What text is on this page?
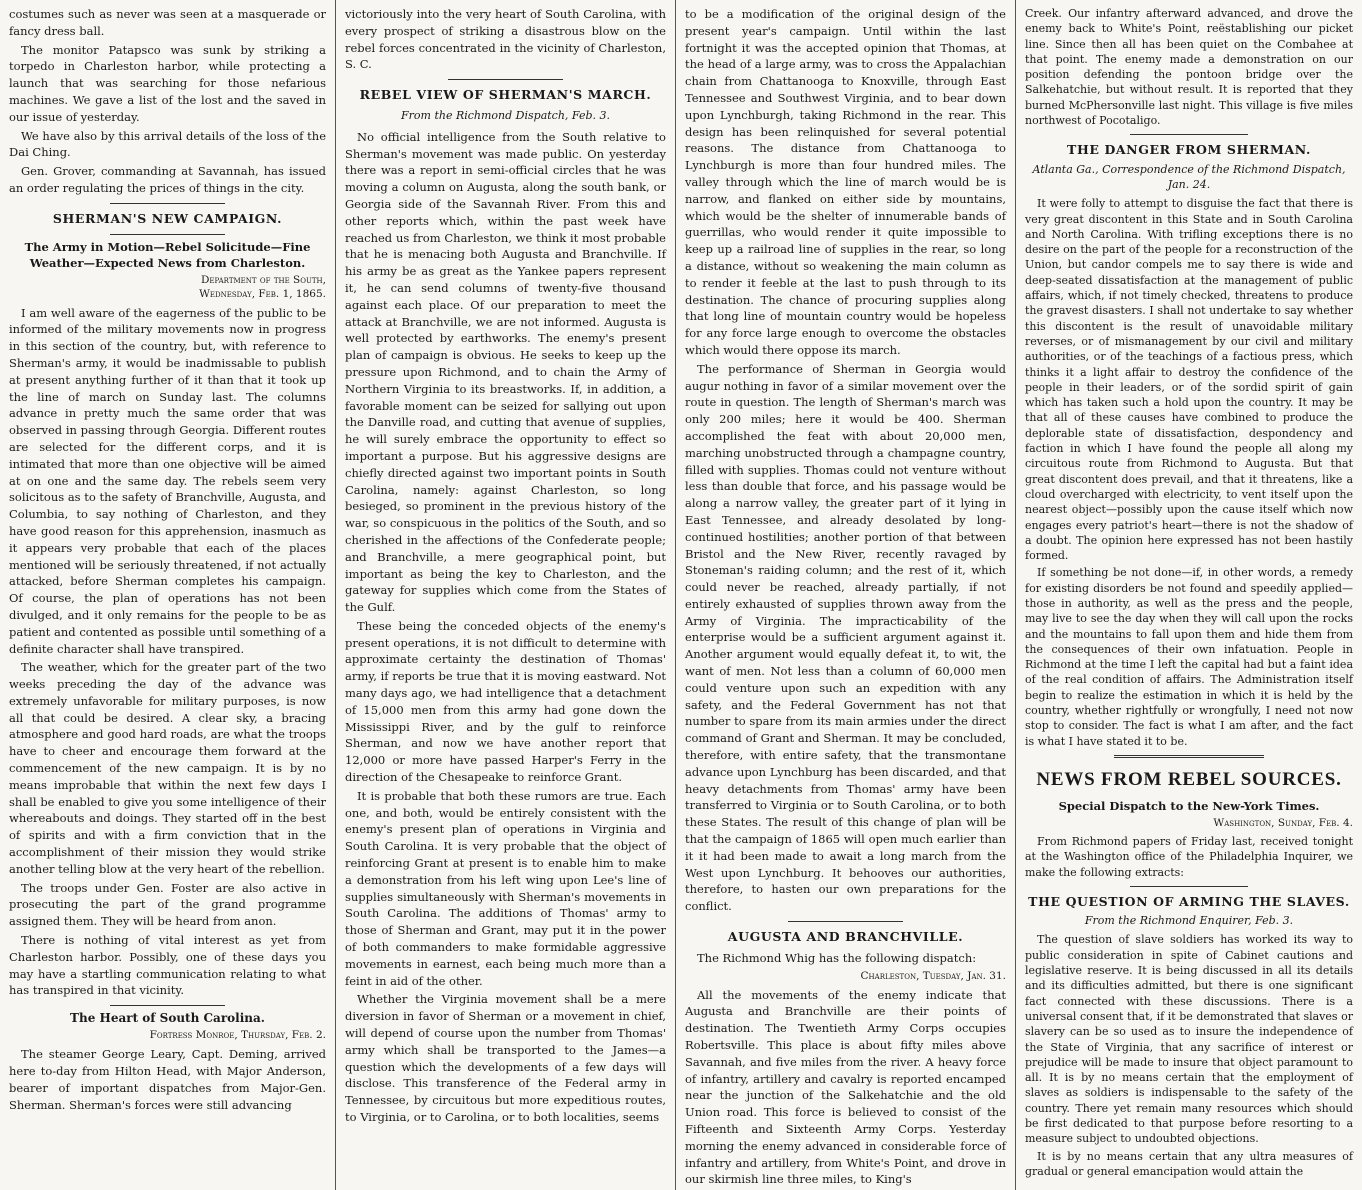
costumes such as never was seen at a masquerade or fancy dress ball.

The monitor Patapsco was sunk by striking a torpedo in Charleston harbor, while protecting a launch that was searching for those nefarious machines. We gave a list of the lost and the saved in our issue of yesterday.

We have also by this arrival details of the loss of the Dai Ching.

Gen. Grover, commanding at Savannah, has issued an order regulating the prices of things in the city.

SHERMAN'S NEW CAMPAIGN.
The Army in Motion—Rebel Solicitude—Fine Weather—Expected News from Charleston.
Department of the South,
Wednesday, Feb. 1, 1865.

I am well aware of the eagerness of the public to be informed of the military movements now in progress in this section of the country, but, with reference to Sherman's army, it would be inadmissable to publish at present anything further of it than that it took up the line of march on Sunday last. The columns advance in pretty much the same order that was observed in passing through Georgia. Different routes are selected for the different corps, and it is intimated that more than one objective will be aimed at on one and the same day. The rebels seem very solicitous as to the safety of Branchville, Augusta, and Columbia, to say nothing of Charleston, and they have good reason for this apprehension, inasmuch as it appears very probable that each of the places mentioned will be seriously threatened, if not actually attacked, before Sherman completes his campaign. Of course, the plan of operations has not been divulged, and it only remains for the people to be as patient and contented as possible until something of a definite character shall have transpired.

The weather, which for the greater part of the two weeks preceding the day of the advance was extremely unfavorable for military purposes, is now all that could be desired. A clear sky, a bracing atmosphere and good hard roads, are what the troops have to cheer and encourage them forward at the commencement of the new campaign. It is by no means improbable that within the next few days I shall be enabled to give you some intelligence of their whereabouts and doings. They started off in the best of spirits and with a firm conviction that in the accomplishment of their mission they would strike another telling blow at the very heart of the rebellion.

The troops under Gen. Foster are also active in prosecuting the part of the grand programme assigned them. They will be heard from anon.

There is nothing of vital interest as yet from Charleston harbor. Possibly, one of these days you may have a startling communication relating to what has transpired in that vicinity.

The Heart of South Carolina.
Fortress Monroe, Thursday, Feb. 2.

The steamer George Leary, Capt. Deming, arrived here to-day from Hilton Head, with Major Anderson, bearer of important dispatches from Major-Gen. Sherman. Sherman's forces were still advancing

victoriously into the very heart of South Carolina, with every prospect of striking a disastrous blow on the rebel forces concentrated in the vicinity of Charleston, S. C.

REBEL VIEW OF SHERMAN'S MARCH.
From the Richmond Dispatch, Feb. 3.

No official intelligence from the South relative to Sherman's movement was made public. On yesterday there was a report in semi-official circles that he was moving a column on Augusta, along the south bank, or Georgia side of the Savannah River. From this and other reports which, within the past week have reached us from Charleston, we think it most probable that he is menacing both Augusta and Branchville. If his army be as great as the Yankee papers represent it, he can send columns of twenty-five thousand against each place. Of our preparation to meet the attack at Branchville, we are not informed. Augusta is well protected by earthworks. The enemy's present plan of campaign is obvious. He seeks to keep up the pressure upon Richmond, and to chain the Army of Northern Virginia to its breastworks. If, in addition, a favorable moment can be seized for sallying out upon the Danville road, and cutting that avenue of supplies, he will surely embrace the opportunity to effect so important a purpose. But his aggressive designs are chiefly directed against two important points in South Carolina, namely: against Charleston, so long besieged, so prominent in the previous history of the war, so conspicuous in the politics of the South, and so cherished in the affections of the Confederate people; and Branchville, a mere geographical point, but important as being the key to Charleston, and the gateway for supplies which come from the States of the Gulf.

These being the conceded objects of the enemy's present operations, it is not difficult to determine with approximate certainty the destination of Thomas' army, if reports be true that it is moving eastward. Not many days ago, we had intelligence that a detachment of 15,000 men from this army had gone down the Mississippi River, and by the gulf to reinforce Sherman, and now we have another report that 12,000 or more have passed Harper's Ferry in the direction of the Chesapeake to reinforce Grant.

It is probable that both these rumors are true. Each one, and both, would be entirely consistent with the enemy's present plan of operations in Virginia and South Carolina. It is very probable that the object of reinforcing Grant at present is to enable him to make a demonstration from his left wing upon Lee's line of supplies simultaneously with Sherman's movements in South Carolina. The additions of Thomas' army to those of Sherman and Grant, may put it in the power of both commanders to make formidable aggressive movements in earnest, each being much more than a feint in aid of the other.

Whether the Virginia movement shall be a mere diversion in favor of Sherman or a movement in chief, will depend of course upon the number from Thomas' army which shall be transported to the James—a question which the developments of a few days will disclose. This transference of the Federal army in Tennessee, by circuitous but more expeditious routes, to Virginia, or to Carolina, or to both localities, seems

to be a modification of the original design of the present year's campaign. Until within the last fortnight it was the accepted opinion that Thomas, at the head of a large army, was to cross the Appalachian chain from Chattanooga to Knoxville, through East Tennessee and Southwest Virginia, and to bear down upon Lynchburgh, taking Richmond in the rear. This design has been relinquished for several potential reasons. The distance from Chattanooga to Lynchburgh is more than four hundred miles. The valley through which the line of march would be is narrow, and flanked on either side by mountains, which would be the shelter of innumerable bands of guerrillas, who would render it quite impossible to keep up a railroad line of supplies in the rear, so long a distance, without so weakening the main column as to render it feeble at the last to push through to its destination. The chance of procuring supplies along that long line of mountain country would be hopeless for any force large enough to overcome the obstacles which would there oppose its march.

The performance of Sherman in Georgia would augur nothing in favor of a similar movement over the route in question. The length of Sherman's march was only 200 miles; here it would be 400. Sherman accomplished the feat with about 20,000 men, marching unobstructed through a champagne country, filled with supplies. Thomas could not venture without less than double that force, and his passage would be along a narrow valley, the greater part of it lying in East Tennessee, and already desolated by long-continued hostilities; another portion of that between Bristol and the New River, recently ravaged by Stoneman's raiding column; and the rest of it, which could never be reached, already partially, if not entirely exhausted of supplies thrown away from the Army of Virginia. The impracticability of the enterprise would be a sufficient argument against it. Another argument would equally defeat it, to wit, the want of men. Not less than a column of 60,000 men could venture upon such an expedition with any safety, and the Federal Government has not that number to spare from its main armies under the direct command of Grant and Sherman. It may be concluded, therefore, with entire safety, that the transmontane advance upon Lynchburg has been discarded, and that heavy detachments from Thomas' army have been transferred to Virginia or to South Carolina, or to both these States. The result of this change of plan will be that the campaign of 1865 will open much earlier than it it had been made to await a long march from the West upon Lynchburg. It behooves our authorities, therefore, to hasten our own preparations for the conflict.

AUGUSTA AND BRANCHVILLE.

The Richmond Whig has the following dispatch:

Charleston, Tuesday, Jan. 31.

All the movements of the enemy indicate that Augusta and Branchville are their points of destination. The Twentieth Army Corps occupies Robertsville. This place is about fifty miles above Savannah, and five miles from the river. A heavy force of infantry, artillery and cavalry is reported encamped near the junction of the Salkehatchie and the old Union road. This force is believed to consist of the Fifteenth and Sixteenth Army Corps. Yesterday morning the enemy advanced in considerable force of infantry and artillery, from White's Point, and drove in our skirmish line three miles, to King's

Creek. Our infantry afterward advanced, and drove the enemy back to White's Point, reëstablishing our picket line. Since then all has been quiet on the Combahee at that point. The enemy made a demonstration on our position defending the pontoon bridge over the Salkehatchie, but without result. It is reported that they burned McPhersonville last night. This village is five miles northwest of Pocotaligo.

THE DANGER FROM SHERMAN.
Atlanta Ga., Correspondence of the Richmond Dispatch, Jan. 24.

It were folly to attempt to disguise the fact that there is very great discontent in this State and in South Carolina and North Carolina. With trifling exceptions there is no desire on the part of the people for a reconstruction of the Union, but candor compels me to say there is wide and deep-seated dissatisfaction at the management of public affairs, which, if not timely checked, threatens to produce the gravest disasters. I shall not undertake to say whether this discontent is the result of unavoidable military reverses, or of mismanagement by our civil and military authorities, or of the teachings of a factious press, which thinks it a light affair to destroy the confidence of the people in their leaders, or of the sordid spirit of gain which has taken such a hold upon the country. It may be that all of these causes have combined to produce the deplorable state of dissatisfaction, despondency and faction in which I have found the people all along my circuitous route from Richmond to Augusta. But that great discontent does prevail, and that it threatens, like a cloud overcharged with electricity, to vent itself upon the nearest object—possibly upon the cause itself which now engages every patriot's heart—there is not the shadow of a doubt. The opinion here expressed has not been hastily formed.

If something be not done—if, in other words, a remedy for existing disorders be not found and speedily applied—those in authority, as well as the press and the people, may live to see the day when they will call upon the rocks and the mountains to fall upon them and hide them from the consequences of their own infatuation. People in Richmond at the time I left the capital had but a faint idea of the real condition of affairs. The Administration itself begin to realize the estimation in which it is held by the country, whether rightfully or wrongfully, I need not now stop to consider. The fact is what I am after, and the fact is what I have stated it to be.

NEWS FROM REBEL SOURCES.
Special Dispatch to the New-York Times.
Washington, Sunday, Feb. 4.

From Richmond papers of Friday last, received tonight at the Washington office of the Philadelphia Inquirer, we make the following extracts:

THE QUESTION OF ARMING THE SLAVES.
From the Richmond Enquirer, Feb. 3.

The question of slave soldiers has worked its way to public consideration in spite of Cabinet cautions and legislative reserve. It is being discussed in all its details and its difficulties admitted, but there is one significant fact connected with these discussions. There is a universal consent that, if it be demonstrated that slaves or slavery can be so used as to insure the independence of the State of Virginia, that any sacrifice of interest or prejudice will be made to insure that object paramount to all. It is by no means certain that the employment of slaves as soldiers is indispensable to the safety of the country. There yet remain many resources which should be first dedicated to that purpose before resorting to a measure subject to undoubted objections.

It is by no means certain that any ultra measures of gradual or general emancipation would attain the
